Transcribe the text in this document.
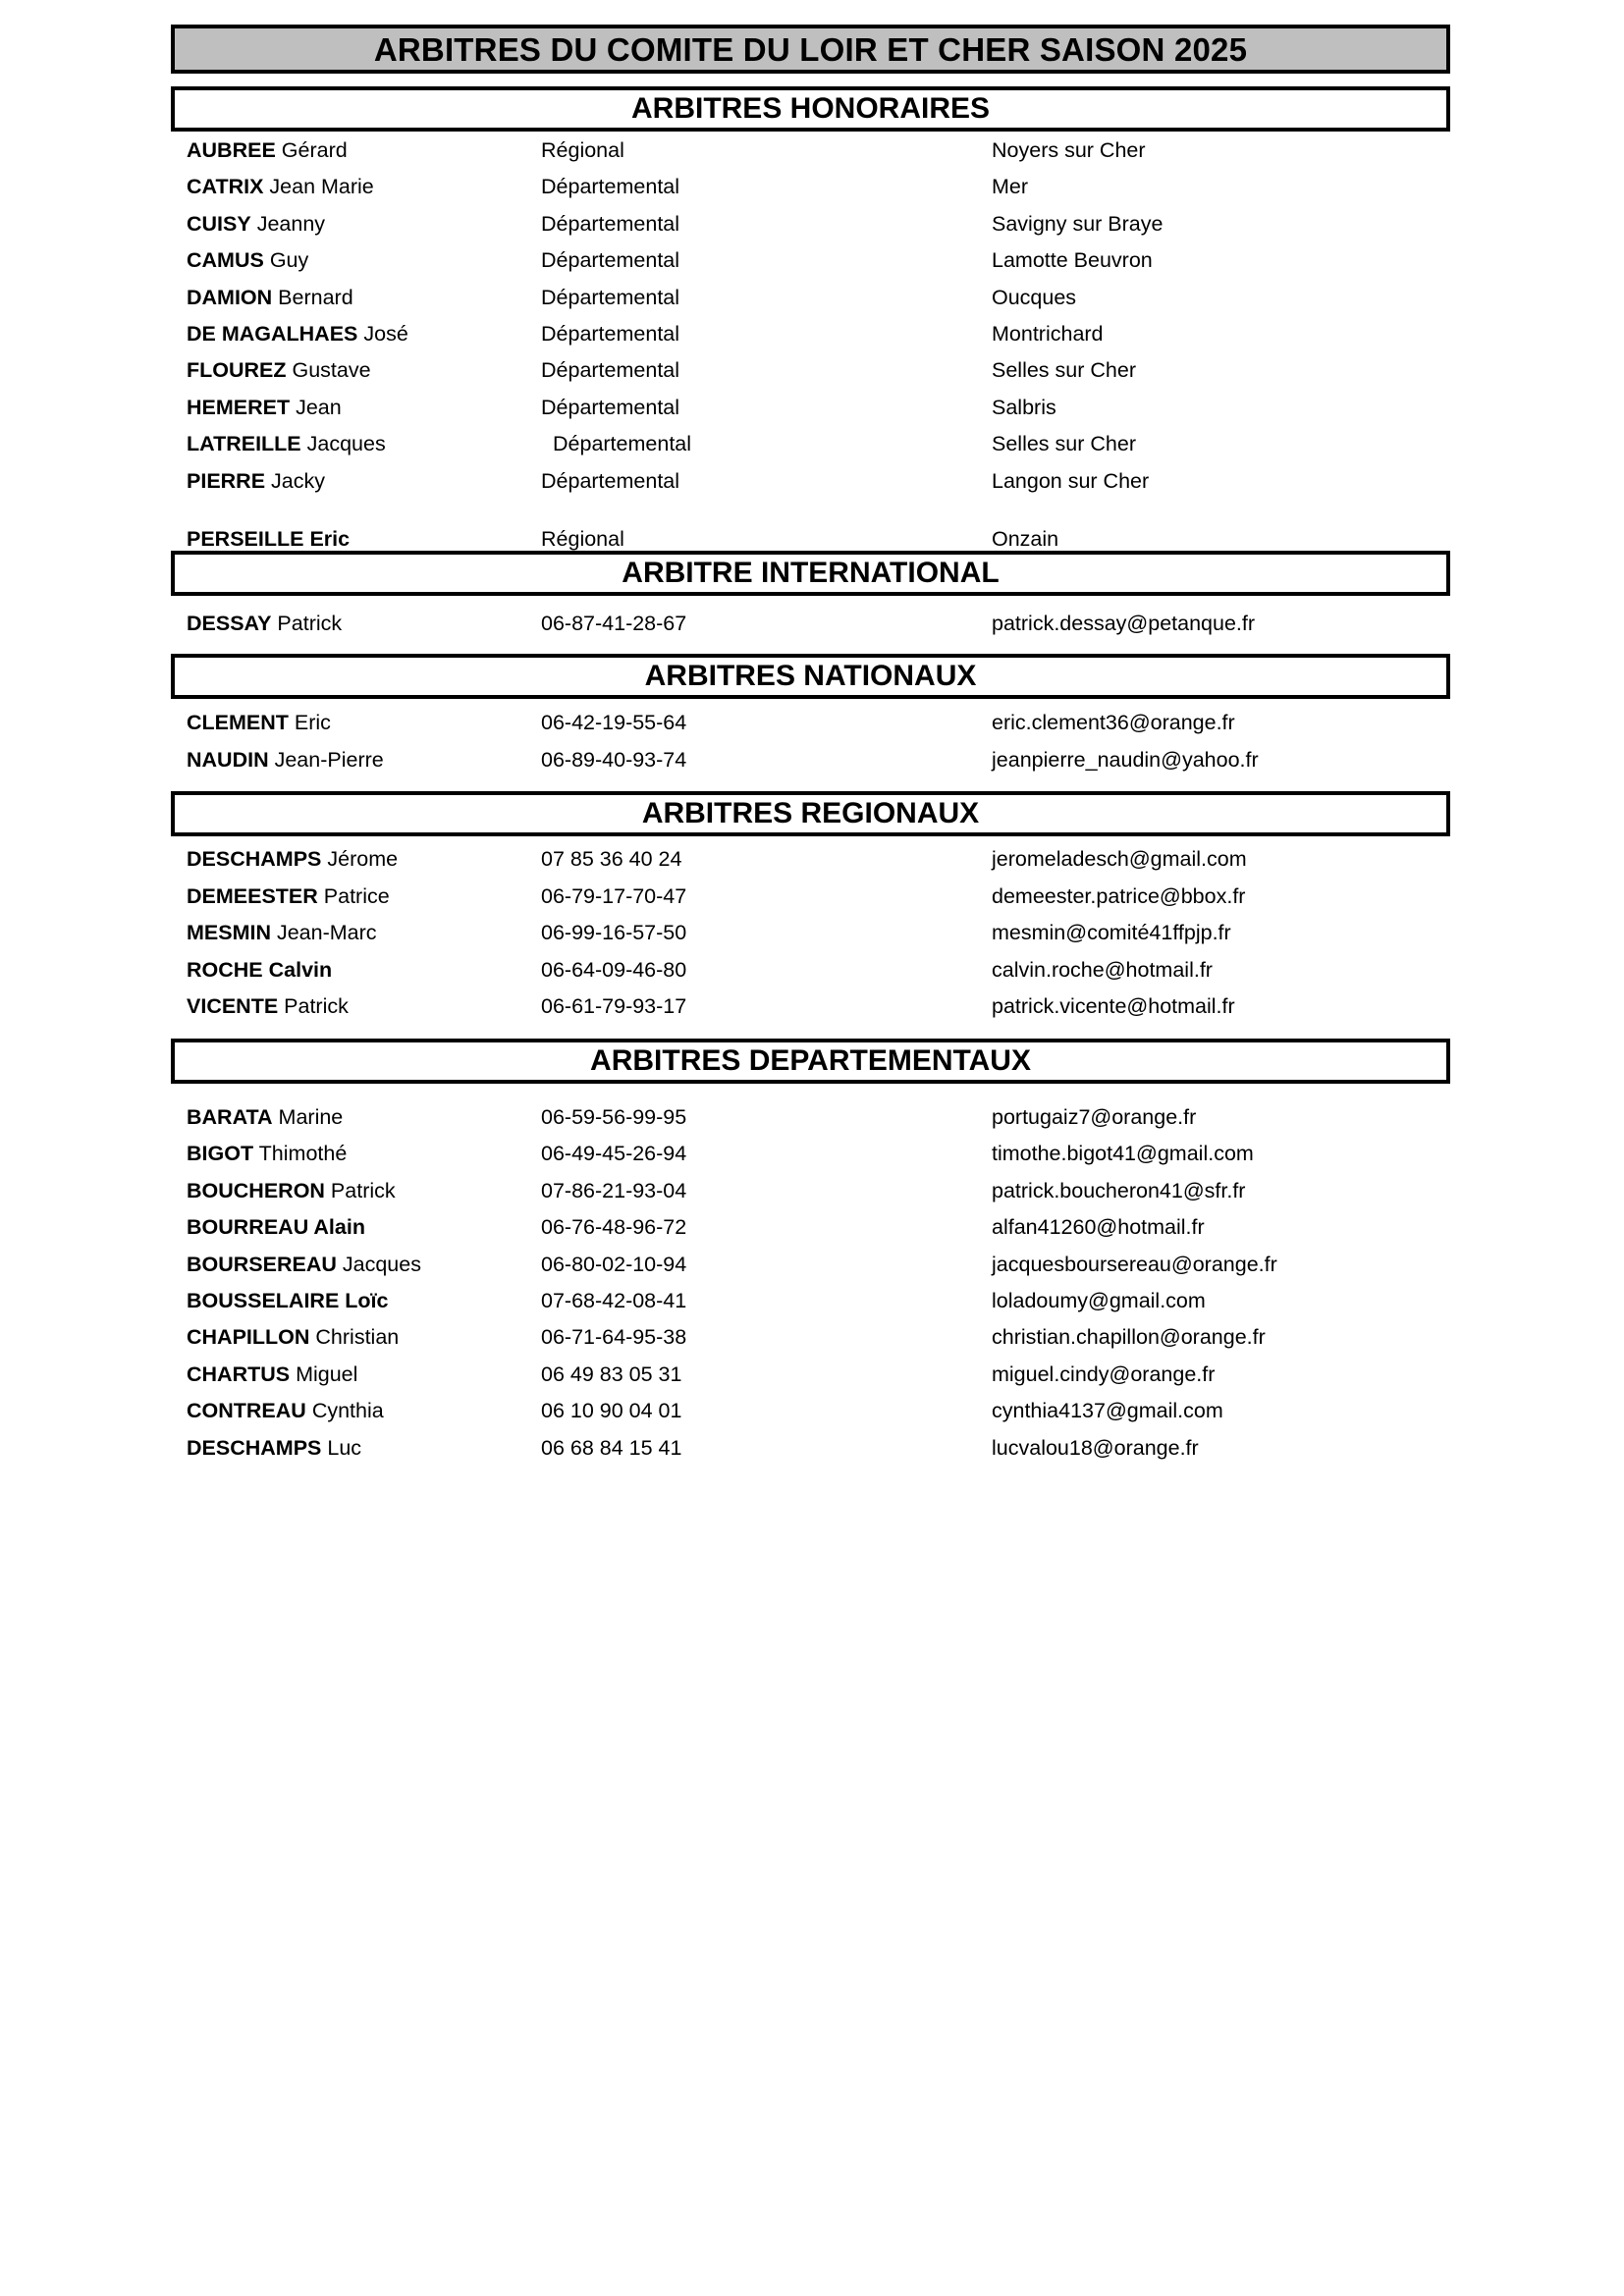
ARBITRES DU COMITE DU LOIR ET CHER SAISON 2025
ARBITRES HONORAIRES
AUBREE Gérard	Régional	Noyers sur Cher
CATRIX Jean Marie	Départemental	Mer
CUISY Jeanny	Départemental	Savigny sur Braye
CAMUS Guy	Départemental	Lamotte Beuvron
DAMION Bernard	Départemental	Oucques
DE MAGALHAES José	Départemental	Montrichard
FLOUREZ Gustave	Départemental	Selles sur Cher
HEMERET Jean	Départemental	Salbris
LATREILLE Jacques	Départemental	Selles sur Cher
PIERRE Jacky	Départemental	Langon sur Cher
PERSEILLE Eric	Régional	Onzain
ARBITRE INTERNATIONAL
DESSAY Patrick	06-87-41-28-67	patrick.dessay@petanque.fr
ARBITRES NATIONAUX
CLEMENT Eric	06-42-19-55-64	eric.clement36@orange.fr
NAUDIN Jean-Pierre	06-89-40-93-74	jeanpierre_naudin@yahoo.fr
ARBITRES REGIONAUX
DESCHAMPS Jérome	07 85 36 40 24	jeromeladesch@gmail.com
DEMEESTER Patrice	06-79-17-70-47	demeester.patrice@bbox.fr
MESMIN Jean-Marc	06-99-16-57-50	mesmin@comité41ffpjp.fr
ROCHE Calvin	06-64-09-46-80	calvin.roche@hotmail.fr
VICENTE Patrick	06-61-79-93-17	patrick.vicente@hotmail.fr
ARBITRES DEPARTEMENTAUX
BARATA Marine	06-59-56-99-95	portugaiz7@orange.fr
BIGOT Thimothé	06-49-45-26-94	timothe.bigot41@gmail.com
BOUCHERON Patrick	07-86-21-93-04	patrick.boucheron41@sfr.fr
BOURREAU Alain	06-76-48-96-72	alfan41260@hotmail.fr
BOURSEREAU Jacques	06-80-02-10-94	jacquesboursereau@orange.fr
BOUSSELAIRE Loïc	07-68-42-08-41	loladoumy@gmail.com
CHAPILLON Christian	06-71-64-95-38	christian.chapillon@orange.fr
CHARTUS Miguel	06 49 83 05 31	miguel.cindy@orange.fr
CONTREAU Cynthia	06 10 90 04 01	cynthia4137@gmail.com
DESCHAMPS Luc	06 68 84 15 41	lucvalou18@orange.fr
